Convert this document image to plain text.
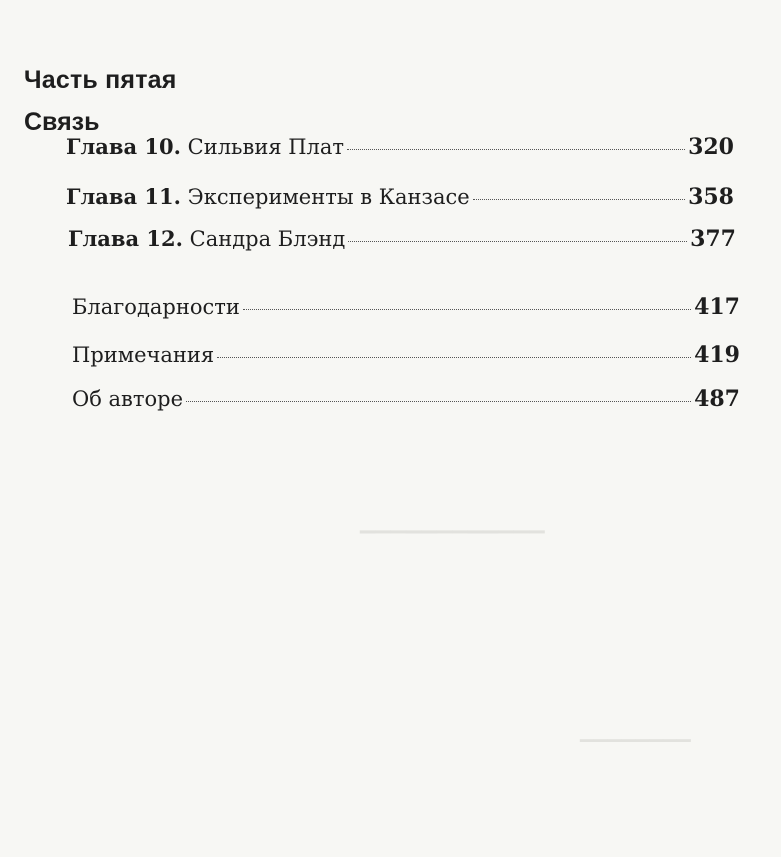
▔▔▔▔▔▔▔▔▔▔▔▔
▔▔▔▔▔▔▔▔
Часть пятая
Связь
Глава 10. Сильвия Плат	320
Глава 11. Эксперименты в Канзасе	358
Глава 12. Сандра Блэнд	377
Благодарности	417
Примечания	419
Об авторе	487
